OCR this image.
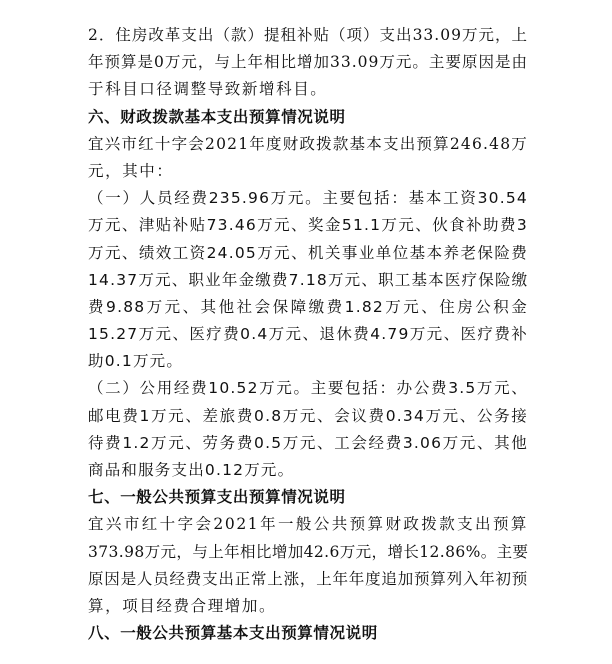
2．住房改革支出（款）提租补贴（项）支出33.09万元，上
年预算是0万元，与上年相比增加33.09万元。主要原因是由
于科目口径调整导致新增科目。
六、财政拨款基本支出预算情况说明
宜兴市红十字会2021年度财政拨款基本支出预算246.48万
元，其中：
（一）人员经费235.96万元。主要包括：基本工资30.54
万元、津贴补贴73.46万元、奖金51.1万元、伙食补助费3
万元、绩效工资24.05万元、机关事业单位基本养老保险费
14.37万元、职业年金缴费7.18万元、职工基本医疗保险缴
费9.88万元、其他社会保障缴费1.82万元、住房公积金
15.27万元、医疗费0.4万元、退休费4.79万元、医疗费补
助0.1万元。
（二）公用经费10.52万元。主要包括：办公费3.5万元、
邮电费1万元、差旅费0.8万元、会议费0.34万元、公务接
待费1.2万元、劳务费0.5万元、工会经费3.06万元、其他
商品和服务支出0.12万元。
七、一般公共预算支出预算情况说明
宜兴市红十字会2021年一般公共预算财政拨款支出预算
373.98万元，与上年相比增加42.6万元，增长12.86%。主要
原因是人员经费支出正常上涨，上年年度追加预算列入年初预
算，项目经费合理增加。
八、一般公共预算基本支出预算情况说明
